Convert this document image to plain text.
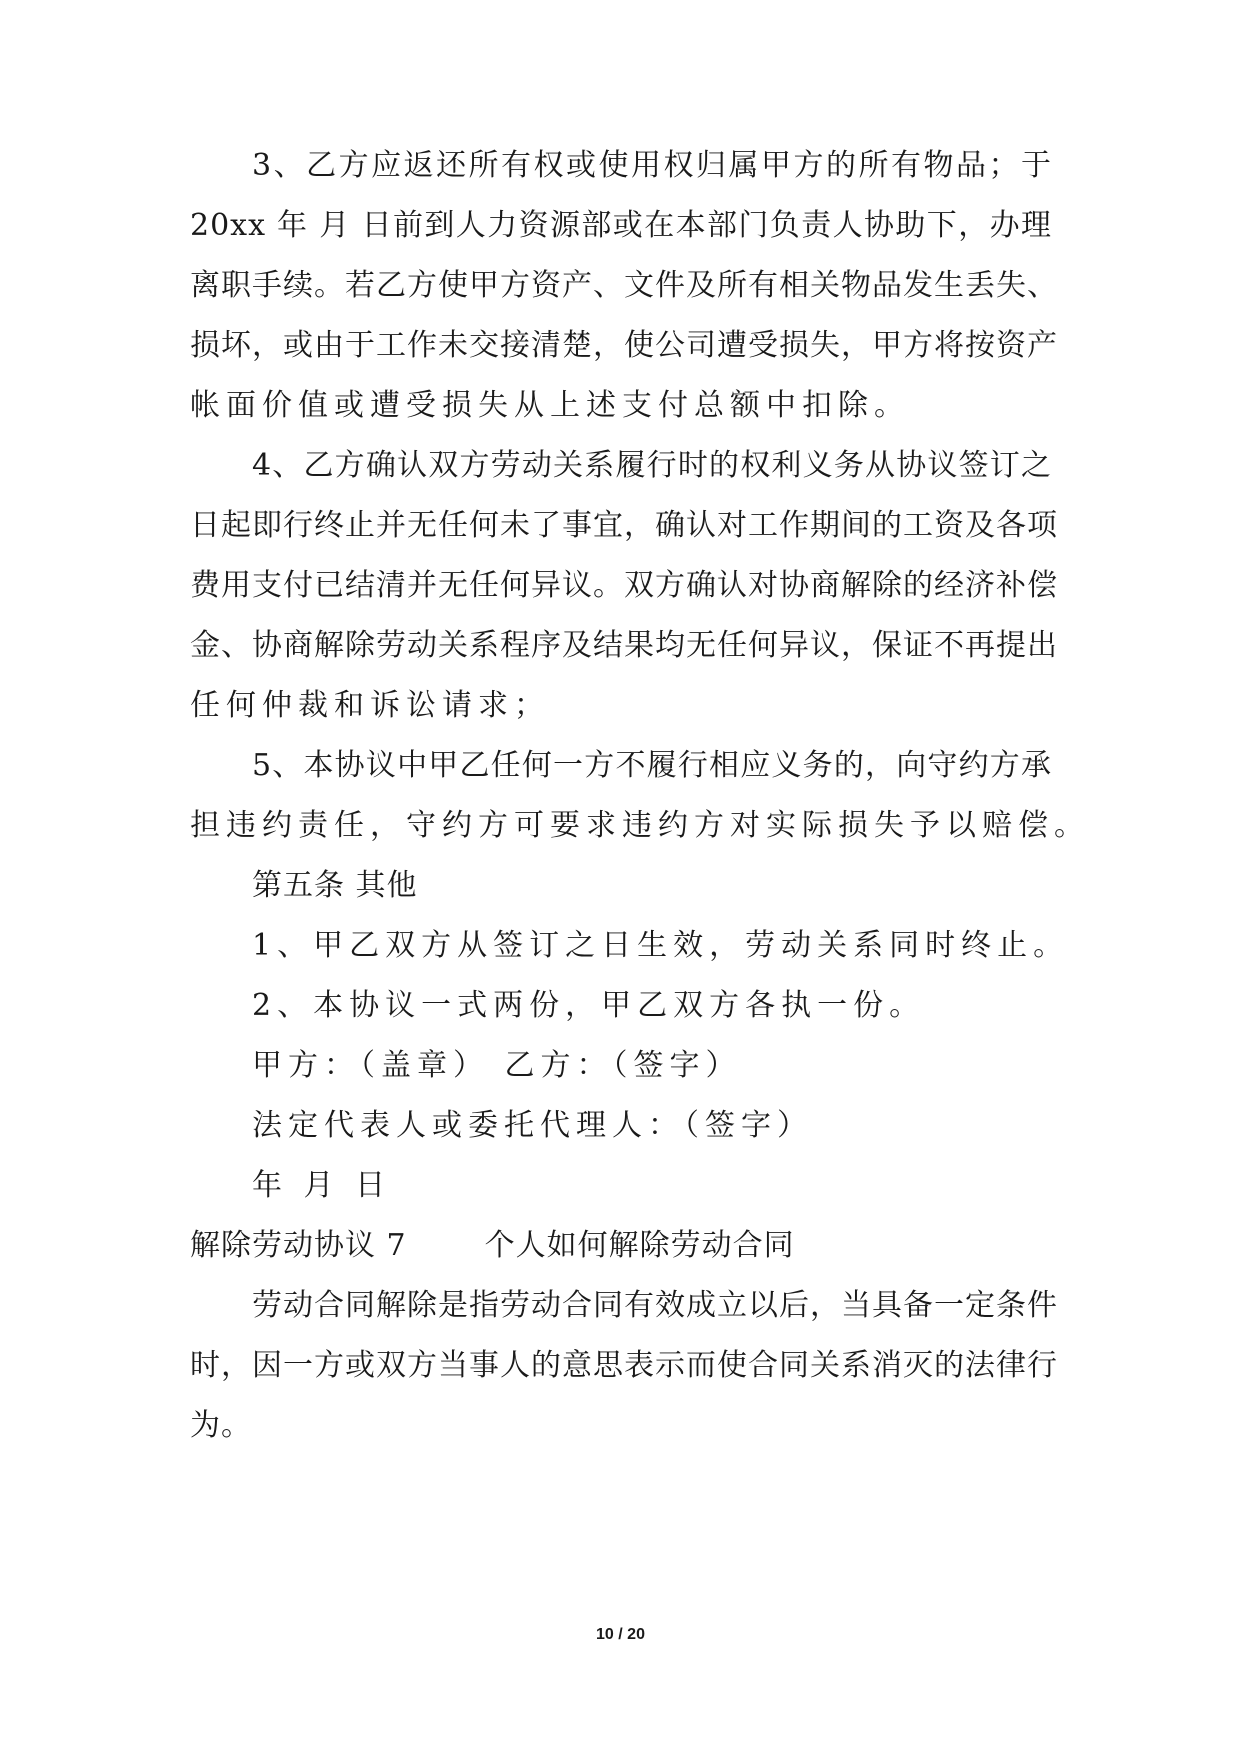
3、乙方应返还所有权或使用权归属甲方的所有物品；于
20xx 年 月 日前到人力资源部或在本部门负责人协助下，办理
离职手续。若乙方使甲方资产、文件及所有相关物品发生丢失、
损坏，或由于工作未交接清楚，使公司遭受损失，甲方将按资产
帐面价值或遭受损失从上述支付总额中扣除。
4、乙方确认双方劳动关系履行时的权利义务从协议签订之
日起即行终止并无任何未了事宜，确认对工作期间的工资及各项
费用支付已结清并无任何异议。双方确认对协商解除的经济补偿
金、协商解除劳动关系程序及结果均无任何异议，保证不再提出
任何仲裁和诉讼请求；
5、本协议中甲乙任何一方不履行相应义务的，向守约方承
担违约责任，守约方可要求违约方对实际损失予以赔偿。
第五条 其他
1、甲乙双方从签订之日生效，劳动关系同时终止。
2、本协议一式两份，甲乙双方各执一份。
甲方：（盖章） 乙方：（签字）
法定代表人或委托代理人：（签字）
年 月 日
解除劳动协议 7	个人如何解除劳动合同
劳动合同解除是指劳动合同有效成立以后，当具备一定条件
时，因一方或双方当事人的意思表示而使合同关系消灭的法律行
为。
10 / 20
